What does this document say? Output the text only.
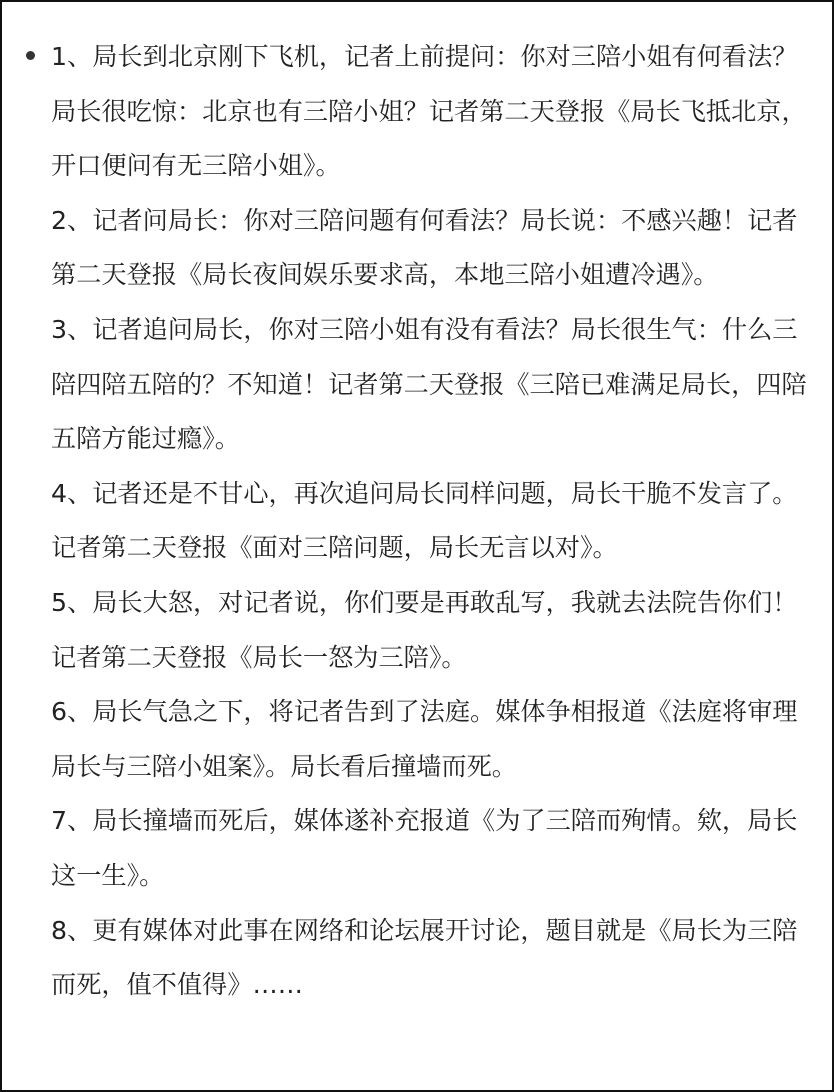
1、局长到北京刚下飞机，记者上前提问：你对三陪小姐有何看法？局长很吃惊：北京也有三陪小姐？记者第二天登报《局长飞抵北京，开口便问有无三陪小姐》。

2、记者问局长：你对三陪问题有何看法？局长说：不感兴趣！记者第二天登报《局长夜间娱乐要求高，本地三陪小姐遭冷遇》。

3、记者追问局长，你对三陪小姐有没有看法？局长很生气：什么三陪四陪五陪的？不知道！记者第二天登报《三陪已难满足局长，四陪五陪方能过瘾》。

4、记者还是不甘心，再次追问局长同样问题，局长干脆不发言了。记者第二天登报《面对三陪问题，局长无言以对》。

5、局长大怒，对记者说，你们要是再敢乱写，我就去法院告你们！记者第二天登报《局长一怒为三陪》。

6、局长气急之下，将记者告到了法庭。媒体争相报道《法庭将审理局长与三陪小姐案》。局长看后撞墙而死。

7、局长撞墙而死后，媒体遂补充报道《为了三陪而殉情。欸，局长这一生》。

8、更有媒体对此事在网络和论坛展开讨论，题目就是《局长为三陪而死，值不值得》……
